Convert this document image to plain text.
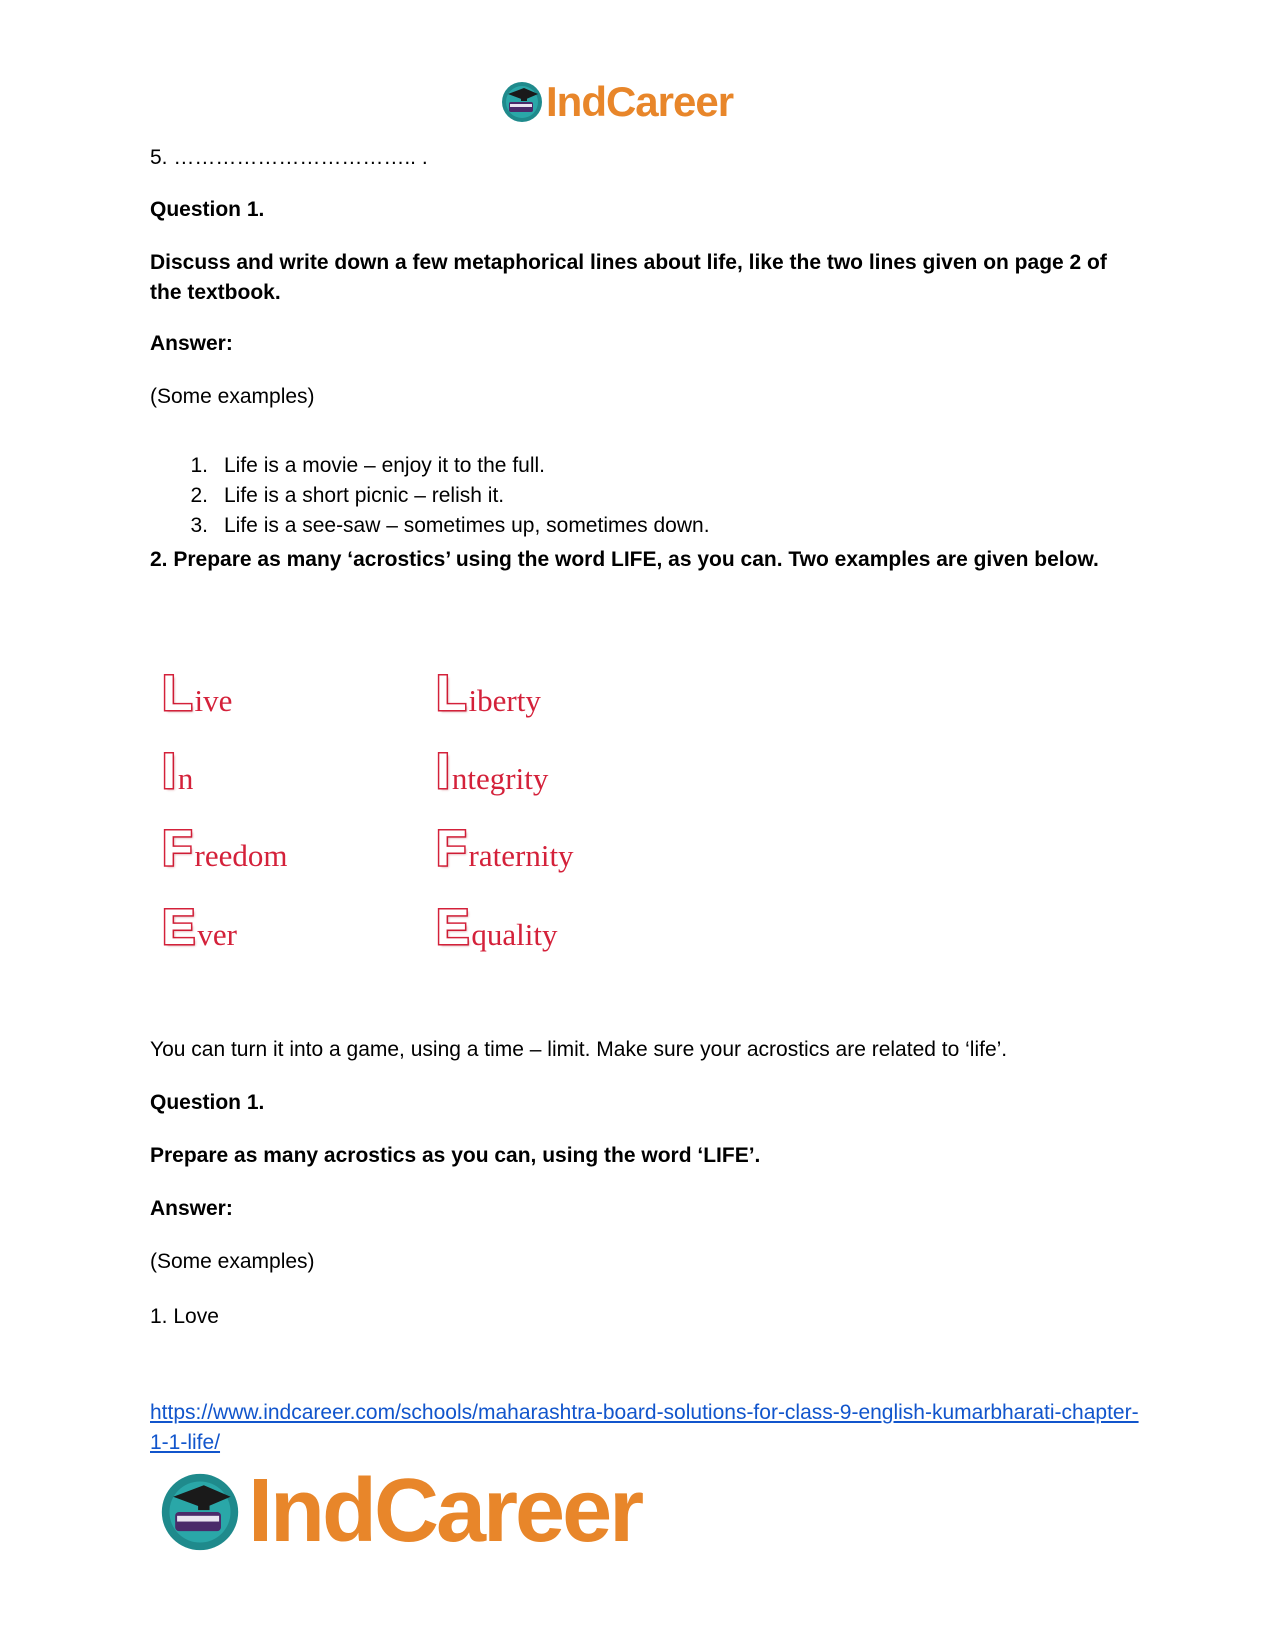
IndCareer
5. …………………………….. .
Question 1.
Discuss and write down a few metaphorical lines about life, like the two lines given on page 2 of the textbook.
Answer:
(Some examples)
1. Life is a movie – enjoy it to the full.
2. Life is a short picnic – relish it.
3. Life is a see-saw – sometimes up, sometimes down.
2. Prepare as many ‘acrostics’ using the word LIFE, as you can. Two examples are given below.
L ive
I n
F reedom
E ver
L iberty
I ntegrity
F raternity
E quality
You can turn it into a game, using a time – limit. Make sure your acrostics are related to ‘life’.
Question 1.
Prepare as many acrostics as you can, using the word ‘LIFE’.
Answer:
(Some examples)
1. Love
https://www.indcareer.com/schools/maharashtra-board-solutions-for-class-9-english-kumarbharati-chapter-1-1-life/
IndCareer
